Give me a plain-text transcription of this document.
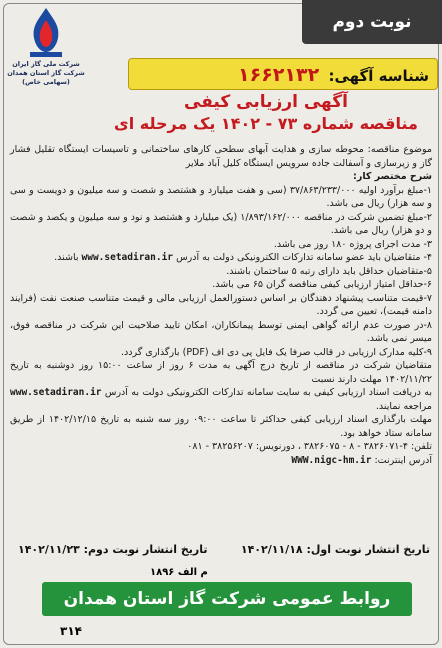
شرکت ملی گاز ایران
شرکت گاز استان همدان
(سهامی خاص)
نوبت دوم
شناسه آگهی: ۱۶۶۲۱۳۲
آگهی ارزیابی کیفی
مناقصه شماره ۷۳ - ۱۴۰۲ یک مرحله ای

موضوع مناقصه: محوطه سازی و هدایت آبهای سطحی کارهای ساختمانی و تاسیسات ایستگاه تقلیل فشار گاز و زیرسازی و آسفالت جاده سرویس ایستگاه کلیل آباد ملایر

شرح مختصر کار:

۱-مبلغ برآورد اولیه ۳۷/۸۶۳/۲۳۳/۰۰۰ (سی و هفت میلیارد و هشتصد و شصت و سه میلیون و دویست و سی و سه هزار) ریال می باشد.

۲-مبلغ تضمین شرکت در مناقصه ۱/۸۹۳/۱۶۲/۰۰۰ (یک میلیارد و هشتصد و نود و سه میلیون و یکصد و شصت و دو هزار) ریال می باشد.

۳- مدت اجرای پروژه ۱۸۰ روز می باشد.

۴- متقاضیان باید عضو سامانه تدارکات الکترونیکی دولت به آدرس www.setadiran.ir باشند.

۵-متقاضیان حداقل باید دارای رتبه ۵ ساختمان باشند.

۶-حداقل امتیاز ارزیابی کیفی مناقصه گران ۶۵ می باشد.

۷-قیمت متناسب پیشنهاد دهندگان بر اساس دستورالعمل ارزیابی مالی و قیمت متناسب صنعت نفت (فرایند دامنه قیمت)، تعیین می گردد.

۸-در صورت عدم ارائه گواهی ایمنی توسط پیمانکاران، امکان تایید صلاحیت این شرکت در مناقصه فوق، میسر نمی باشد.

۹-کلیه مدارک ارزیابی در قالب صرفا یک فایل پی دی اف (PDF) بارگذاری گردد.

متقاضیان شرکت در مناقصه از تاریخ درج آگهی به مدت ۶ روز از ساعت ۱۵:۰۰ روز دوشنبه به تاریخ ۱۴۰۲/۱۱/۲۲ مهلت دارند نسبت

به دریافت اسناد ارزیابی کیفی به سایت سامانه تدارکات الکترونیکی دولت به آدرس www.setadiran.ir مراجعه نمایند.

مهلت بارگذاری اسناد ارزیابی کیفی حداکثر تا ساعت ۰۹:۰۰ روز سه شنبه به تاریخ ۱۴۰۲/۱۲/۱۵ از طریق سامانه ستاد خواهد بود.

تلفن: ۴-۳۸۲۶۰۷۱ - ۸ - ۳۸۲۶۰۷۵ ، دورنویس: ۳۸۲۵۶۲۰۷ - ۰۸۱

آدرس اینترنت: WWW.nigc-hm.ir

تاریخ انتشار نوبت اول: ۱۴۰۲/۱۱/۱۸
تاریخ انتشار نوبت دوم: ۱۴۰۲/۱۱/۲۳
م الف ۱۸۹۶
روابط عمومی شرکت گاز استان همدان
۳۱۴
